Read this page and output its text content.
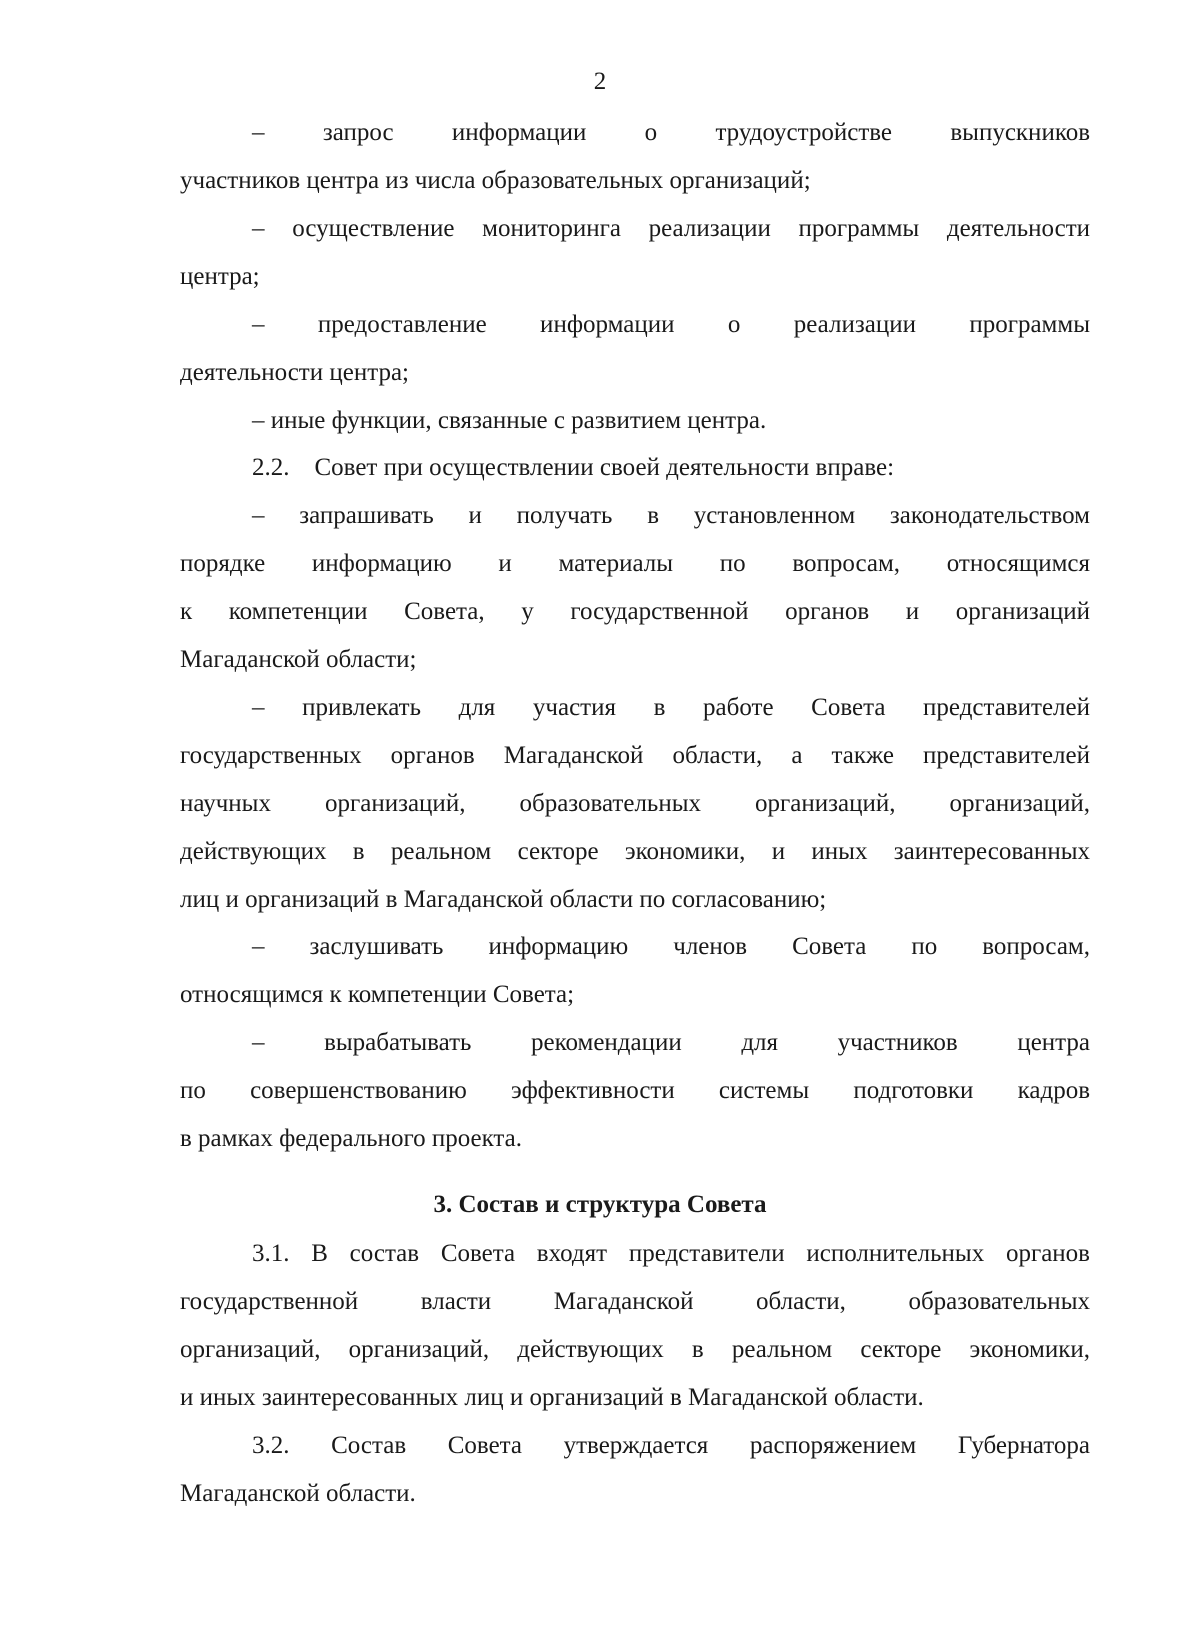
2
– запрос информации о трудоустройстве выпускников
участников центра из числа образовательных организаций;
– осуществление мониторинга реализации программы деятельности
центра;
– предоставление информации о реализации программы
деятельности центра;
– иные функции, связанные с развитием центра.
2.2.    Совет при осуществлении своей деятельности вправе:
– запрашивать и получать в установленном законодательством
порядке информацию и материалы по вопросам, относящимся
к компетенции Совета, у государственной органов и организаций
Магаданской области;
– привлекать для участия в работе Совета представителей
государственных органов Магаданской области, а также представителей
научных организаций, образовательных организаций, организаций,
действующих в реальном секторе экономики, и иных заинтересованных
лиц и организаций в Магаданской области по согласованию;
– заслушивать информацию членов Совета по вопросам,
относящимся к компетенции Совета;
– вырабатывать рекомендации для участников центра
по совершенствованию эффективности системы подготовки кадров
в рамках федерального проекта.
3. Состав и структура Совета
3.1. В состав Совета входят представители исполнительных органов
государственной власти Магаданской области, образовательных
организаций, организаций, действующих в реальном секторе экономики,
и иных заинтересованных лиц и организаций в Магаданской области.
3.2. Состав Совета утверждается распоряжением Губернатора
Магаданской области.
